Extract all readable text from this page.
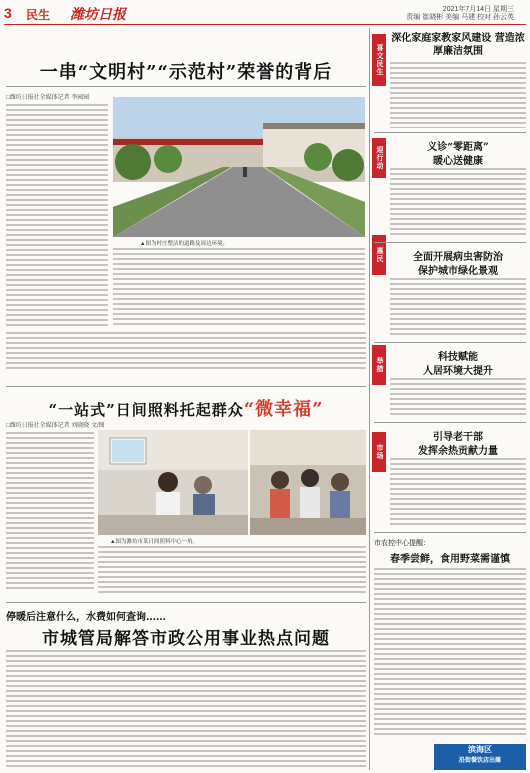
3 民生 潍坊日报	2021年7月14日 星期三
责编 崔晓彬 美编 马建 校对 孙云英
一串“文明村”“示范村”荣誉的背后
□潍坊日报社全媒体记者 李园园
▲图为村庄整洁的道路及周边环境。
“一站式”日间照料托起群众“微幸福”
□潍坊日报社全媒体记者 刘晓晓 文/图
▲图为潍坊市某日间照料中心一角。
停暖后注意什么，水费如何查询……
市城管局解答市政公用事业热点问题
喜文民生
迎行动
惠民
举措
市场
深化家庭家教家风建设 营造浓厚廉洁氛围
义诊“零距离”
暖心送健康
全面开展病虫害防治
保护城市绿化景观
科技赋能
人居环境大提升
引导老干部
发挥余热贡献力量
市农控中心提醒：
春季尝鲜，食用野菜需谨慎
滨海区
沿街餐饮店出摊
